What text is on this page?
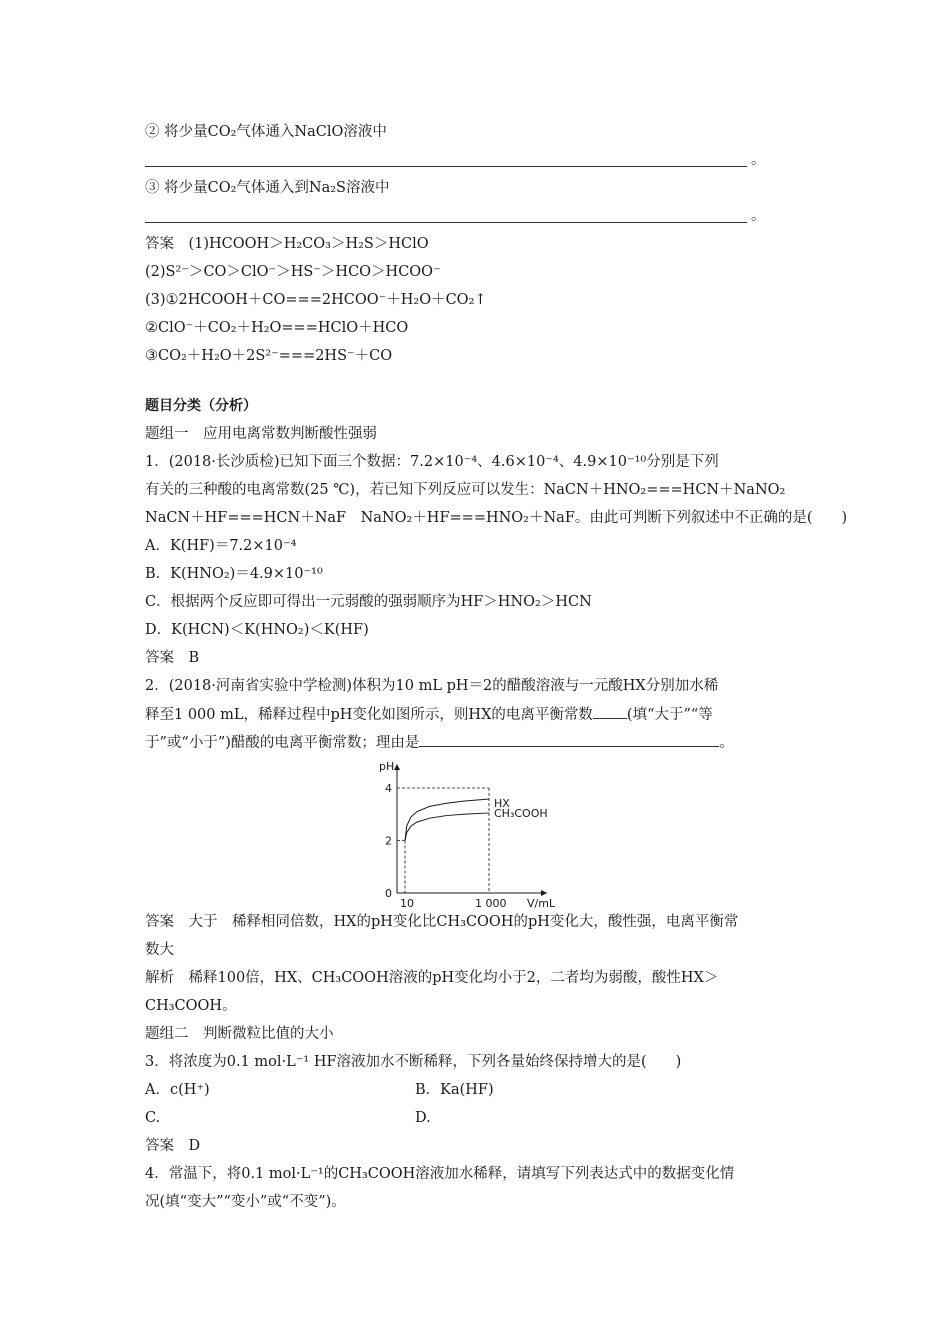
② 将少量CO₂气体通入NaClO溶液中
。
③ 将少量CO₂气体通入到Na₂S溶液中
。
答案　(1)HCOOH＞H₂CO₃＞H₂S＞HClO
(2)S²⁻＞CO＞ClO⁻＞HS⁻＞HCO＞HCOO⁻
(3)①2HCOOH＋CO===2HCOO⁻＋H₂O＋CO₂↑
②ClO⁻＋CO₂＋H₂O===HClO＋HCO
③CO₂＋H₂O＋2S²⁻===2HS⁻＋CO
题目分类（分析）
题组一　应用电离常数判断酸性强弱
1．(2018·长沙质检)已知下面三个数据：7.2×10⁻⁴、4.6×10⁻⁴、4.9×10⁻¹⁰分别是下列
有关的三种酸的电离常数(25 ℃)，若已知下列反应可以发生：NaCN＋HNO₂===HCN＋NaNO₂
NaCN＋HF===HCN＋NaF　NaNO₂＋HF===HNO₂＋NaF。由此可判断下列叙述中不正确的是(　　)
A．K(HF)＝7.2×10⁻⁴
B．K(HNO₂)＝4.9×10⁻¹⁰
C．根据两个反应即可得出一元弱酸的强弱顺序为HF＞HNO₂＞HCN
D．K(HCN)＜K(HNO₂)＜K(HF)
答案　B
2．(2018·河南省实验中学检测)体积为10 mL pH＝2的醋酸溶液与一元酸HX分别加水稀
释至1 000 mL，稀释过程中pH变化如图所示，则HX的电离平衡常数 (填“大于”“等
于”或“小于”)醋酸的电离平衡常数；理由是	。
pH
V/mL
0
2
4
10	1 000
HX
CH₃COOH
答案　大于　稀释相同倍数，HX的pH变化比CH₃COOH的pH变化大，酸性强，电离平衡常
数大
解析　稀释100倍，HX、CH₃COOH溶液的pH变化均小于2，二者均为弱酸，酸性HX＞
CH₃COOH。
题组二　判断微粒比值的大小
3．将浓度为0.1 mol·L⁻¹ HF溶液加水不断稀释，下列各量始终保持增大的是(　　)
A．c(H⁺)	B．Ka(HF)
C.	D.
答案　D
4．常温下，将0.1 mol·L⁻¹的CH₃COOH溶液加水稀释，请填写下列表达式中的数据变化情
况(填“变大”“变小”或“不变”)。
